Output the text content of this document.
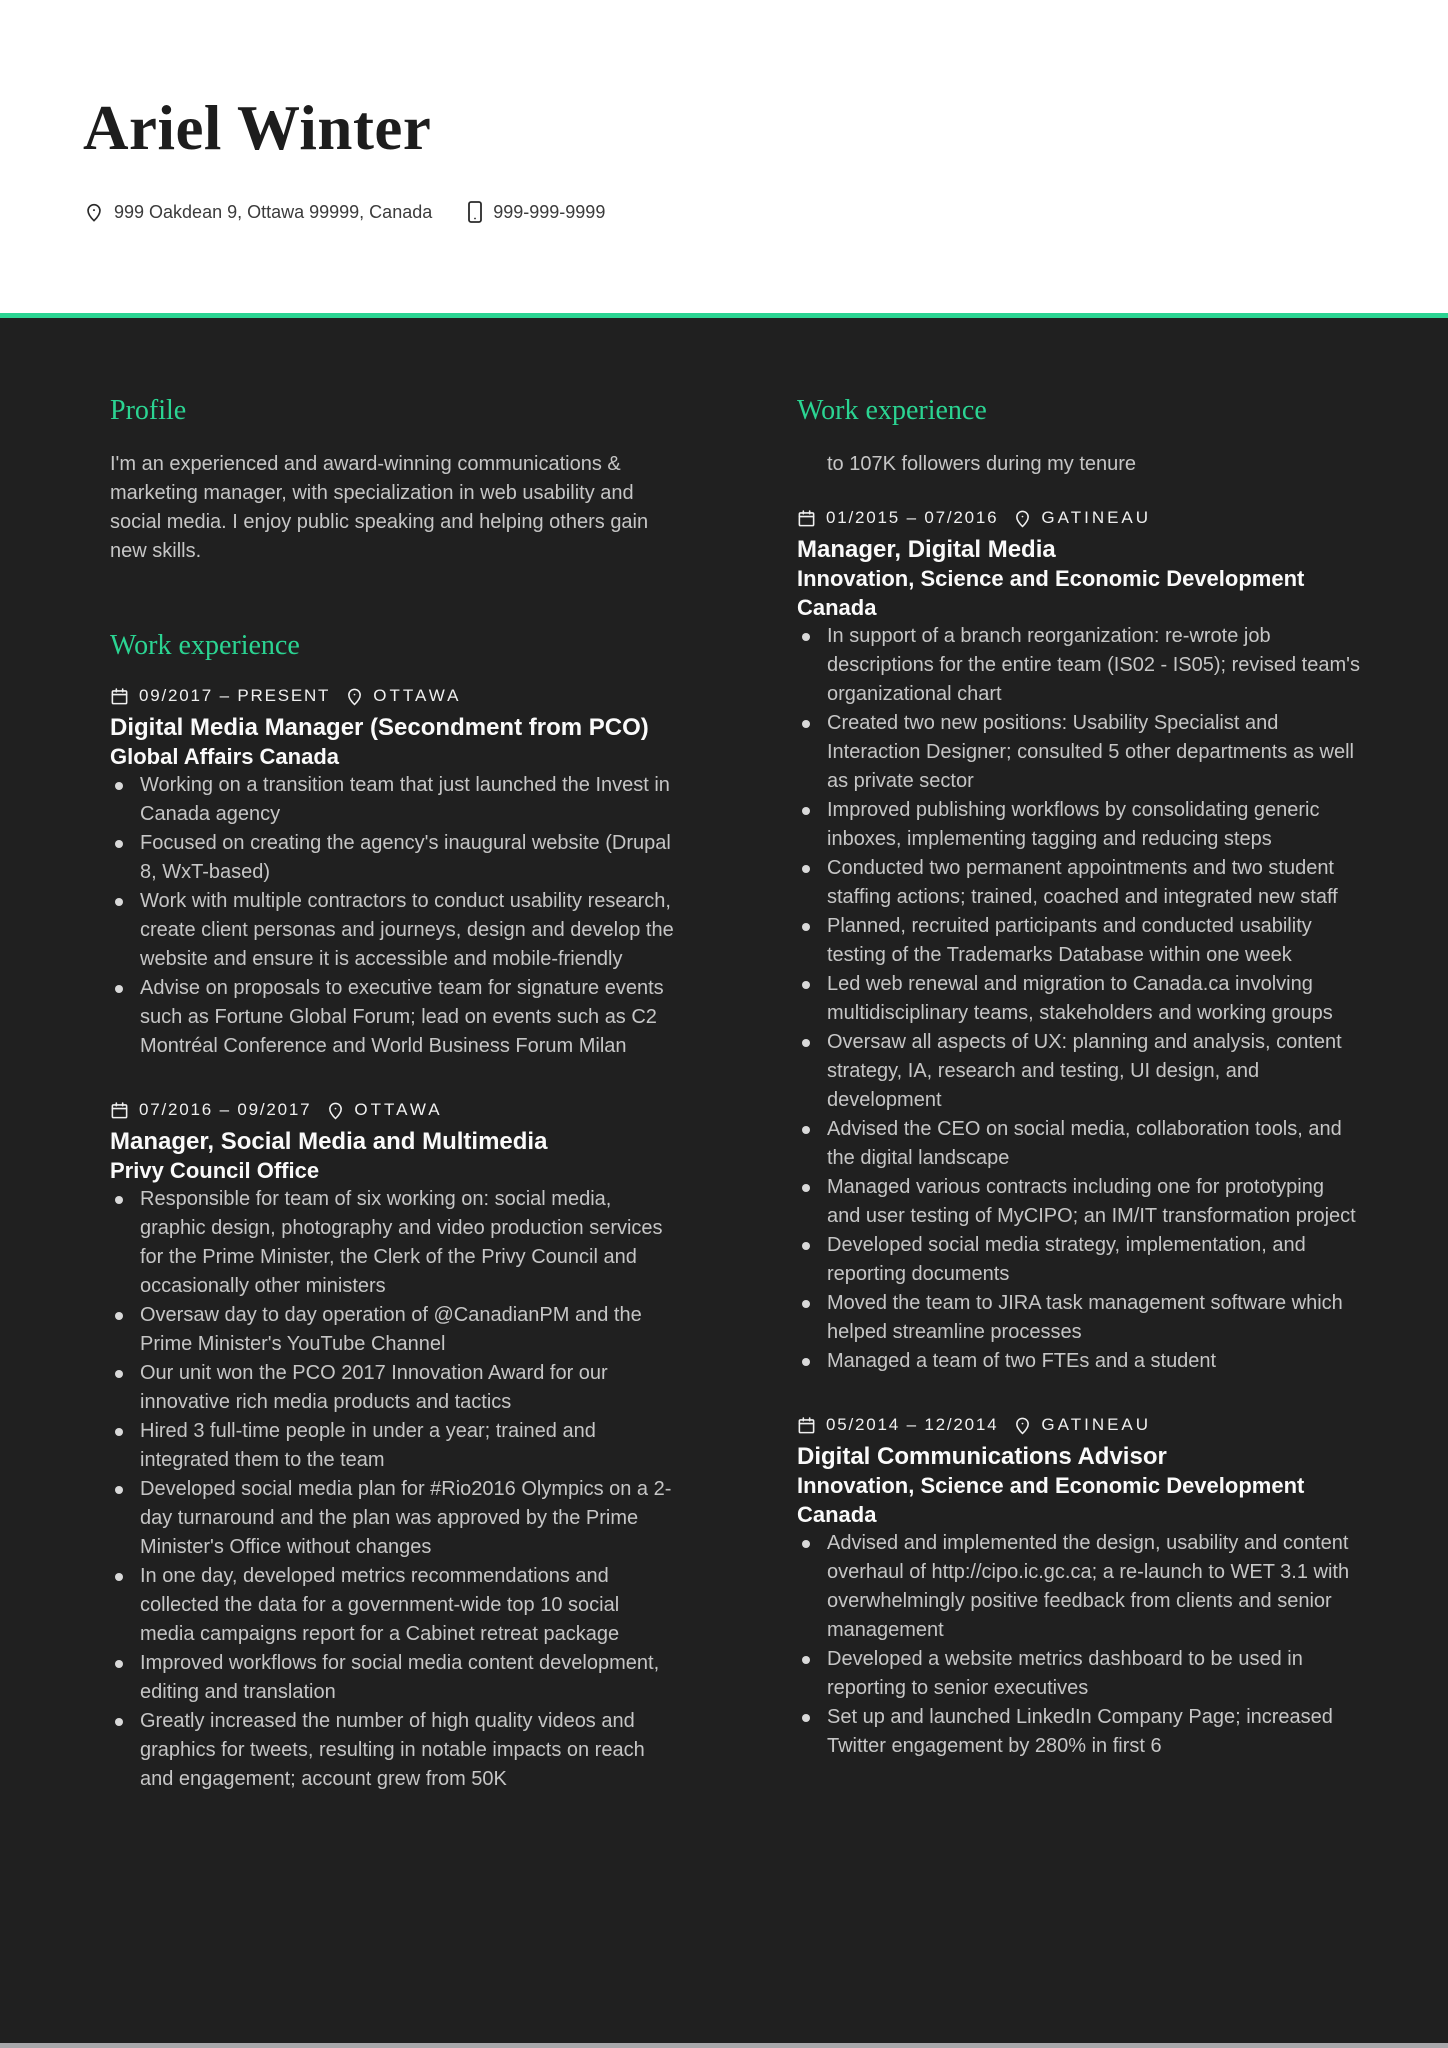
Ariel Winter
999 Oakdean 9, Ottawa 99999, Canada	999-999-9999
Profile

I'm an experienced and award-winning communications & marketing manager, with specialization in web usability and social media. I enjoy public speaking and helping others gain new skills.

Work experience
09/2017 – PRESENT	OTTAWA
Digital Media Manager (Secondment from PCO)
Global Affairs Canada
Working on a transition team that just launched the Invest in Canada agency
Focused on creating the agency's inaugural website (Drupal 8, WxT-based)
Work with multiple contractors to conduct usability research, create client personas and journeys, design and develop the website and ensure it is accessible and mobile-friendly
Advise on proposals to executive team for signature events such as Fortune Global Forum; lead on events such as C2 Montréal Conference and World Business Forum Milan
07/2016 – 09/2017	OTTAWA
Manager, Social Media and Multimedia
Privy Council Office
Responsible for team of six working on: social media, graphic design, photography and video production services for the Prime Minister, the Clerk of the Privy Council and occasionally other ministers
Oversaw day to day operation of @CanadianPM and the Prime Minister's YouTube Channel
Our unit won the PCO 2017 Innovation Award for our innovative rich media products and tactics
Hired 3 full-time people in under a year; trained and integrated them to the team
Developed social media plan for #Rio2016 Olympics on a 2-day turnaround and the plan was approved by the Prime Minister's Office without changes
In one day, developed metrics recommendations and collected the data for a government-wide top 10 social media campaigns report for a Cabinet retreat package
Improved workflows for social media content development, editing and translation
Greatly increased the number of high quality videos and graphics for tweets, resulting in notable impacts on reach and engagement; account grew from 50K
Work experience

to 107K followers during my tenure

01/2015 – 07/2016	GATINEAU
Manager, Digital Media
Innovation, Science and Economic Development Canada
In support of a branch reorganization: re-wrote job descriptions for the entire team (IS02 - IS05); revised team's organizational chart
Created two new positions: Usability Specialist and Interaction Designer; consulted 5 other departments as well as private sector
Improved publishing workflows by consolidating generic inboxes, implementing tagging and reducing steps
Conducted two permanent appointments and two student staffing actions; trained, coached and integrated new staff
Planned, recruited participants and conducted usability testing of the Trademarks Database within one week
Led web renewal and migration to Canada.ca involving multidisciplinary teams, stakeholders and working groups
Oversaw all aspects of UX: planning and analysis, content strategy, IA, research and testing, UI design, and development
Advised the CEO on social media, collaboration tools, and the digital landscape
Managed various contracts including one for prototyping and user testing of MyCIPO; an IM/IT transformation project
Developed social media strategy, implementation, and reporting documents
Moved the team to JIRA task management software which helped streamline processes
Managed a team of two FTEs and a student
05/2014 – 12/2014	GATINEAU
Digital Communications Advisor
Innovation, Science and Economic Development Canada
Advised and implemented the design, usability and content overhaul of http://cipo.ic.gc.ca; a re-launch to WET 3.1 with overwhelmingly positive feedback from clients and senior management
Developed a website metrics dashboard to be used in reporting to senior executives
Set up and launched LinkedIn Company Page; increased Twitter engagement by 280% in first 6
